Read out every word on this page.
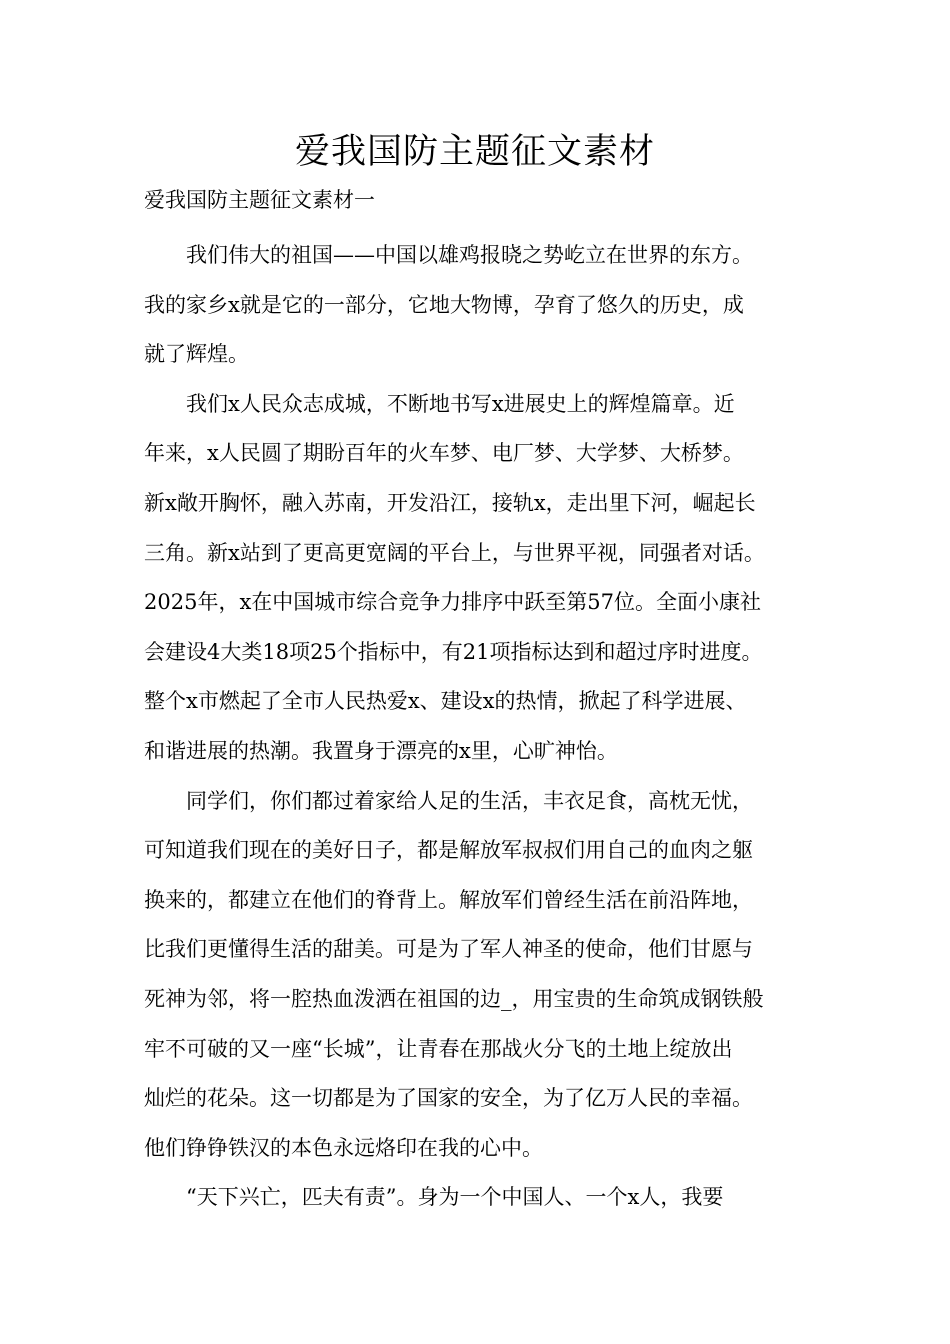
爱我国防主题征文素材

爱我国防主题征文素材一

我们伟大的祖国——中国以雄鸡报晓之势屹立在世界的东方。
我的家乡x就是它的一部分，它地大物博，孕育了悠久的历史，成
就了辉煌。

我们x人民众志成城，不断地书写x进展史上的辉煌篇章。近
年来，x人民圆了期盼百年的火车梦、电厂梦、大学梦、大桥梦。
新x敞开胸怀，融入苏南，开发沿江，接轨x，走出里下河，崛起长
三角。新x站到了更高更宽阔的平台上，与世界平视，同强者对话。
2025年，x在中国城市综合竞争力排序中跃至第57位。全面小康社
会建设4大类18项25个指标中，有21项指标达到和超过序时进度。
整个x市燃起了全市人民热爱x、建设x的热情，掀起了科学进展、
和谐进展的热潮。我置身于漂亮的x里，心旷神怡。

同学们，你们都过着家给人足的生活，丰衣足食，高枕无忧，
可知道我们现在的美好日子，都是解放军叔叔们用自己的血肉之躯
换来的，都建立在他们的脊背上。解放军们曾经生活在前沿阵地，
比我们更懂得生活的甜美。可是为了军人神圣的使命，他们甘愿与
死神为邻，将一腔热血泼洒在祖国的边_，用宝贵的生命筑成钢铁般
牢不可破的又一座“长城”，让青春在那战火分飞的土地上绽放出
灿烂的花朵。这一切都是为了国家的安全，为了亿万人民的幸福。
他们铮铮铁汉的本色永远烙印在我的心中。

“天下兴亡，匹夫有责”。身为一个中国人、一个x人，我要
